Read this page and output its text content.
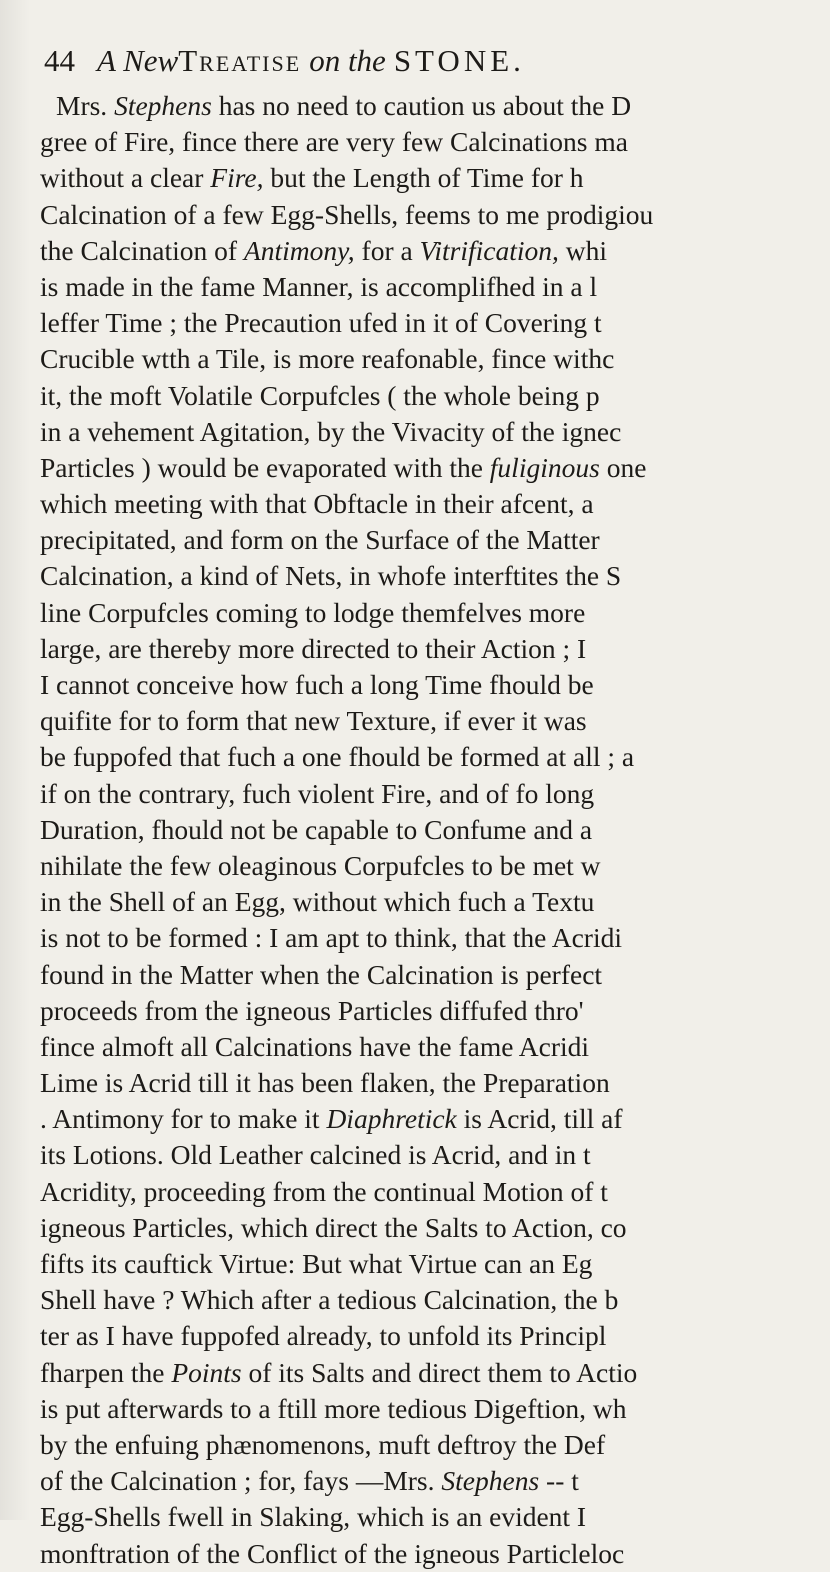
44 A NewTreatise on the STONE.
Mrs. Stephens has no need to caution us about the D
gree of Fire, fince there are very few Calcinations ma
without a clear Fire, but the Length of Time for h
Calcination of a few Egg-Shells, feems to me prodigiou
the Calcination of Antimony, for a Vitrification, whi
is made in the fame Manner, is accomplifhed in a l
leffer Time ; the Precaution ufed in it of Covering t
Crucible wtth a Tile, is more reafonable, fince withc
it, the moft Volatile Corpufcles ( the whole being p
in a vehement Agitation, by the Vivacity of the ignec
Particles ) would be evaporated with the fuliginous one
which meeting with that Obftacle in their afcent, a
precipitated, and form on the Surface of the Matter
Calcination, a kind of Nets, in whofe interftites the S
line Corpufcles coming to lodge themfelves more
large, are thereby more directed to their Action ; I
I cannot conceive how fuch a long Time fhould be
quifite for to form that new Texture, if ever it was
be fuppofed that fuch a one fhould be formed at all ; a
if on the contrary, fuch violent Fire, and of fo long
Duration, fhould not be capable to Confume and a
nihilate the few oleaginous Corpufcles to be met w
in the Shell of an Egg, without which fuch a Textu
is not to be formed : I am apt to think, that the Acridi
found in the Matter when the Calcination is perfect
proceeds from the igneous Particles diffufed thro'
fince almoft all Calcinations have the fame Acridi
Lime is Acrid till it has been flaken, the Preparation
. Antimony for to make it Diaphretick is Acrid, till af
its Lotions. Old Leather calcined is Acrid, and in t
Acridity, proceeding from the continual Motion of t
igneous Particles, which direct the Salts to Action, co
fifts its cauftick Virtue: But what Virtue can an Eg
Shell have ? Which after a tedious Calcination, the b
ter as I have fuppofed already, to unfold its Principl
fharpen the Points of its Salts and direct them to Actio
is put afterwards to a ftill more tedious Digeftion, wh
by the enfuing phænomenons, muft deftroy the Def
of the Calcination ; for, fays —Mrs. Stephens -- t
Egg-Shells fwell in Slaking, which is an evident I
monftration of the Conflict of the igneous Particleloc
